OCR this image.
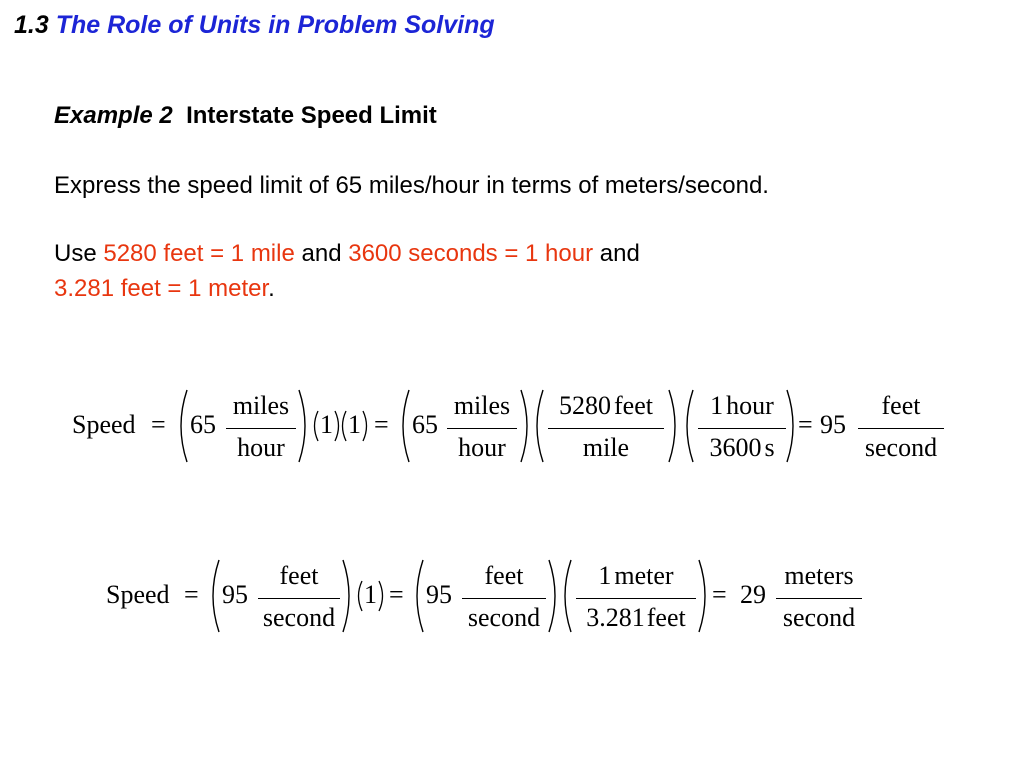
1.3 The Role of Units in Problem Solving
Example 2 Interstate Speed Limit
Express the speed limit of 65 miles/hour in terms of meters/second.
Use 5280 feet = 1 mile and 3600 seconds = 1 hour and
3.281 feet = 1 meter.
Speed = 65
miles
hour
1 1 = 65
miles
hour
5280 feet
mile
1 hour
3600 s
= 95
feet
second
Speed = 95
feet
second
1 = 95
feet
second
1 meter
3.281feet
= 29
meters
second
